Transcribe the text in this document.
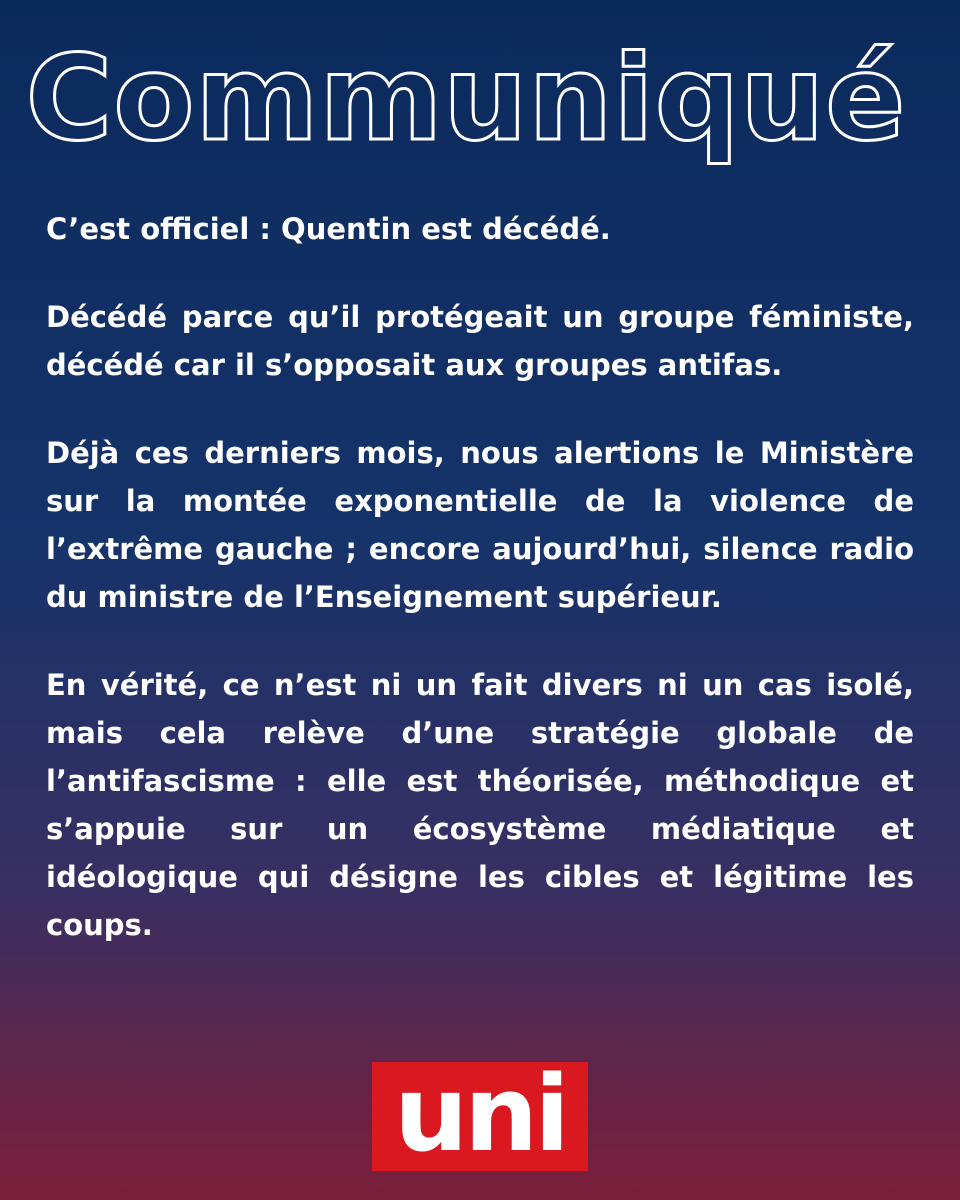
Communiqué

C’est officiel : Quentin est décédé.

Décédé parce qu’il protégeait un groupe féministe, décédé car il s’opposait aux groupes antifas.

Déjà ces derniers mois, nous alertions le Ministère sur la montée exponentielle de la violence de l’extrême gauche ; encore aujourd’hui, silence radio du ministre de l’Enseignement supérieur.

En vérité, ce n’est ni un fait divers ni un cas isolé, mais cela relève d’une stratégie globale de l’antifascisme : elle est théorisée, méthodique et s’appuie sur un écosystème médiatique et idéologique qui désigne les cibles et légitime les coups.

uni
